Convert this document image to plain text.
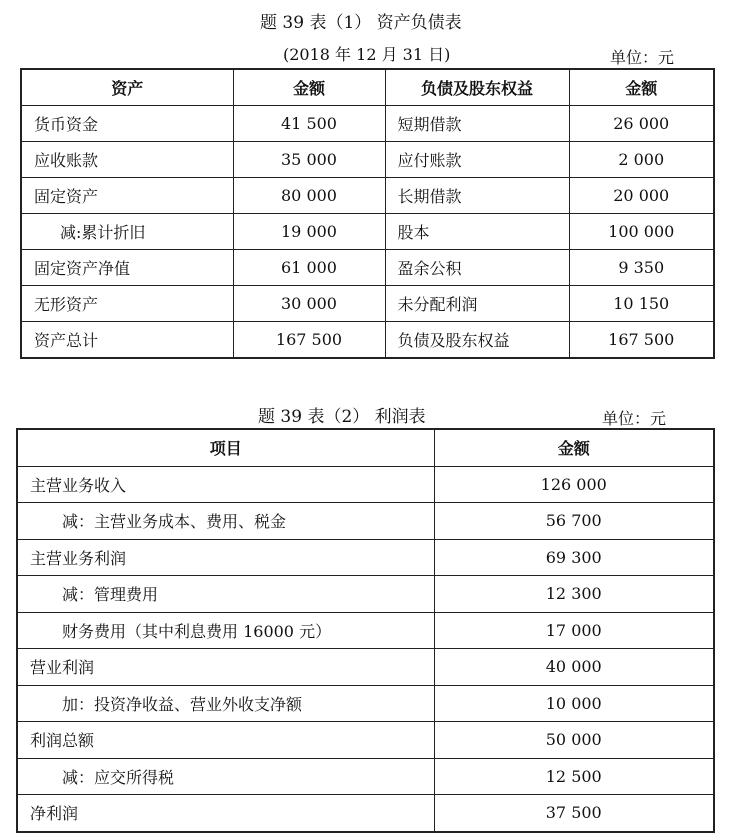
题 39 表（1） 资产负债表
(2018 年 12 月 31 日)	单位：元
资产	金额	负债及股东权益	金额
货币资金	41 500	短期借款	26 000
应收账款	35 000	应付账款	2 000
固定资产	80 000	长期借款	20 000
减:累计折旧	19 000	股本	100 000
固定资产净值	61 000	盈余公积	9 350
无形资产	30 000	未分配利润	10 150
资产总计	167 500	负债及股东权益	167 500
题 39 表（2） 利润表	单位：元
项目	金额
主营业务收入	126 000
减：主营业务成本、费用、税金	56 700
主营业务利润	69 300
减：管理费用	12 300
财务费用（其中利息费用 16000 元）	17 000
营业利润	40 000
加：投资净收益、营业外收支净额	10 000
利润总额	50 000
减：应交所得税	12 500
净利润	37 500
